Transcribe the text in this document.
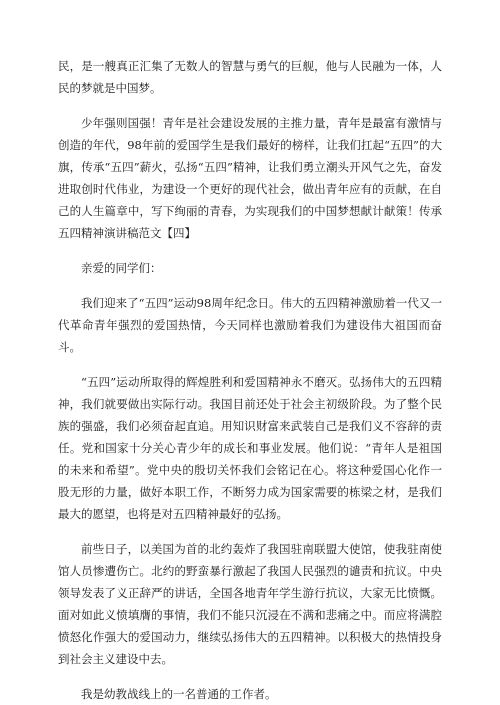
民，是一艘真正汇集了无数人的智慧与勇气的巨舰，他与人民融为一体，人民的梦就是中国梦。

少年强则国强！青年是社会建设发展的主推力量，青年是最富有激情与创造的年代，98年前的爱国学生是我们最好的榜样，让我们扛起“五四”的大旗，传承“五四”薪火，弘扬“五四”精神，让我们勇立潮头开风气之先，奋发进取创时代伟业，为建设一个更好的现代社会，做出青年应有的贡献，在自己的人生篇章中，写下绚丽的青春，为实现我们的中国梦想献计献策！传承五四精神演讲稿范文【四】

亲爱的同学们：

我们迎来了“五四”运动98周年纪念日。伟大的五四精神激励着一代又一代革命青年强烈的爱国热情，今天同样也激励着我们为建设伟大祖国而奋斗。

“五四”运动所取得的辉煌胜利和爱国精神永不磨灭。弘扬伟大的五四精神，我们就要做出实际行动。我国目前还处于社会主初级阶段。为了整个民族的强盛，我们必须奋起直追。用知识财富来武装自己是我们义不容辞的责任。党和国家十分关心青少年的成长和事业发展。他们说：“青年人是祖国的未来和希望”。党中央的殷切关怀我们会铭记在心。将这种爱国心化作一股无形的力量，做好本职工作，不断努力成为国家需要的栋梁之材，是我们最大的愿望，也将是对五四精神最好的弘扬。

前些日子，以美国为首的北约轰炸了我国驻南联盟大使馆，使我驻南使馆人员惨遭伤亡。北约的野蛮暴行激起了我国人民强烈的谴责和抗议。中央领导发表了义正辞严的讲话，全国各地青年学生游行抗议，大家无比愤慨。面对如此义愤填膺的事情，我们不能只沉浸在不满和悲痛之中。而应将满腔愤怒化作强大的爱国动力，继续弘扬伟大的五四精神。以积极大的热情投身到社会主义建设中去。

我是幼教战线上的一名普通的工作者。
